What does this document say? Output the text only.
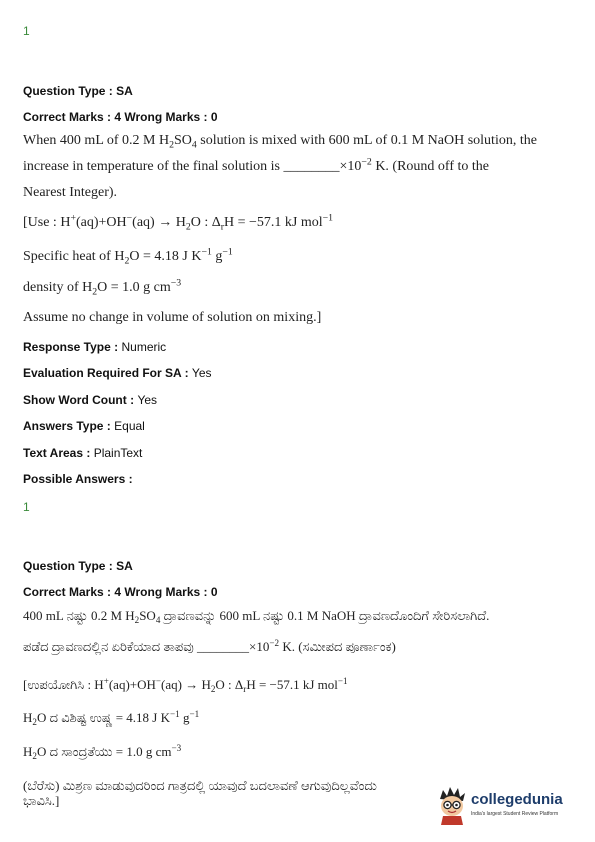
1
Question Type : SA
Correct Marks : 4 Wrong Marks : 0
When 400 mL of 0.2 M $H_2SO_4$ solution is mixed with 600 mL of 0.1 M NaOH solution, the
increase in temperature of the final solution is $\_\_\_\_\_\_\_\_\times 10^{-2}$ K. (Round off to the
Nearest Integer).
[Use : $H^+(aq)+OH^-(aq) \to H_2O$ : $\Delta_rH = -57.1$ kJ mol$^{-1}$
Specific heat of $H_2O = 4.18$ J $K^{-1}$ $g^{-1}$
density of $H_2O = 1.0$ g $cm^{-3}$
Assume no change in volume of solution on mixing.]
Response Type : Numeric
Evaluation Required For SA : Yes
Show Word Count : Yes
Answers Type : Equal
Text Areas : PlainText
Possible Answers :
1
Question Type : SA
Correct Marks : 4 Wrong Marks : 0
400 mL ನಷ್ಟು 0.2 M $H_2SO_4$ ದ್ರಾವಣವನ್ನು 600 mL ನಷ್ಟು 0.1 M NaOH ದ್ರಾವಣದೊಂದಿಗೆ ಸೇರಿಸಲಾಗಿದೆ.
ಪಡೆದ ದ್ರಾವಣದಲ್ಲಿನ ಏರಿಕೆಯಾದ ತಾಪವು $\_\_\_\_\_\_\_\_\times 10^{-2}$ K. (ಸಮೀಪದ ಪೂರ್ಣಾಂಕ)
[ಉಪಯೋಗಿಸಿ : $H^+(aq)+OH^-(aq) \to H_2O$ : $\Delta_rH = -57.1$ kJ mol$^{-1}$
$H_2O$ ದ ವಿಶಿಷ್ಟ ಉಷ್ಣ = 4.18 J $K^{-1}$ $g^{-1}$
$H_2O$ ದ ಸಾಂದ್ರತೆಯು = 1.0 g $cm^{-3}$
(ಬೆರೆಸು) ಮಿಶ್ರಣ ಮಾಡುವುದರಿಂದ ಗಾತ್ರದಲ್ಲಿ ಯಾವುದೆ ಬದಲಾವಣೆ ಆಗುವುದಿಲ್ಲವೆಂದು ಭಾವಿಸಿ.]	collegedunia
India's largest Student Review Platform
